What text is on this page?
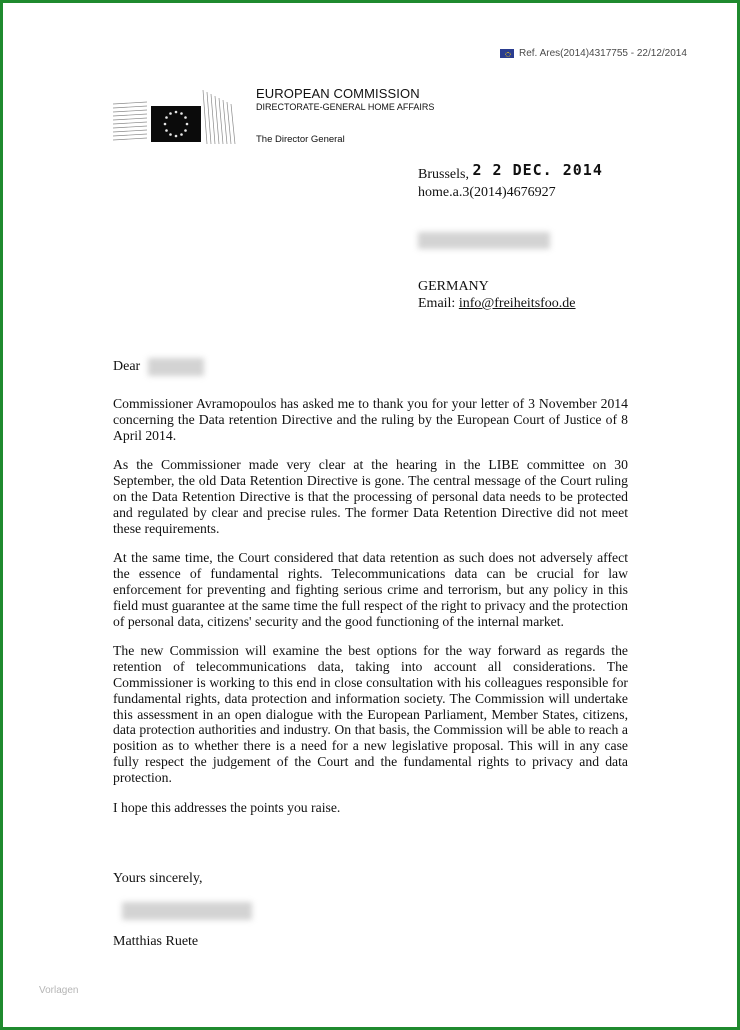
Ref. Ares(2014)4317755 - 22/12/2014
EUROPEAN COMMISSION
DIRECTORATE-GENERAL HOME AFFAIRS
The Director General
Brussels, 2 2 DEC. 2014
home.a.3(2014)4676927
GERMANY
Email: info@freiheitsfoo.de
Dear

Commissioner Avramopoulos has asked me to thank you for your letter of 3 November 2014 concerning the Data retention Directive and the ruling by the European Court of Justice of 8 April 2014.

As the Commissioner made very clear at the hearing in the LIBE committee on 30 September, the old Data Retention Directive is gone. The central message of the Court ruling on the Data Retention Directive is that the processing of personal data needs to be protected and regulated by clear and precise rules. The former Data Retention Directive did not meet these requirements.

At the same time, the Court considered that data retention as such does not adversely affect the essence of fundamental rights. Telecommunications data can be crucial for law enforcement for preventing and fighting serious crime and terrorism, but any policy in this field must guarantee at the same time the full respect of the right to privacy and the protection of personal data, citizens' security and the good functioning of the internal market.

The new Commission will examine the best options for the way forward as regards the retention of telecommunications data, taking into account all considerations. The Commissioner is working to this end in close consultation with his colleagues responsible for fundamental rights, data protection and information society. The Commission will undertake this assessment in an open dialogue with the European Parliament, Member States, citizens, data protection authorities and industry. On that basis, the Commission will be able to reach a position as to whether there is a need for a new legislative proposal. This will in any case fully respect the judgement of the Court and the fundamental rights to privacy and data protection.

I hope this addresses the points you raise.

Yours sincerely,
Matthias Ruete
Vorlagen
